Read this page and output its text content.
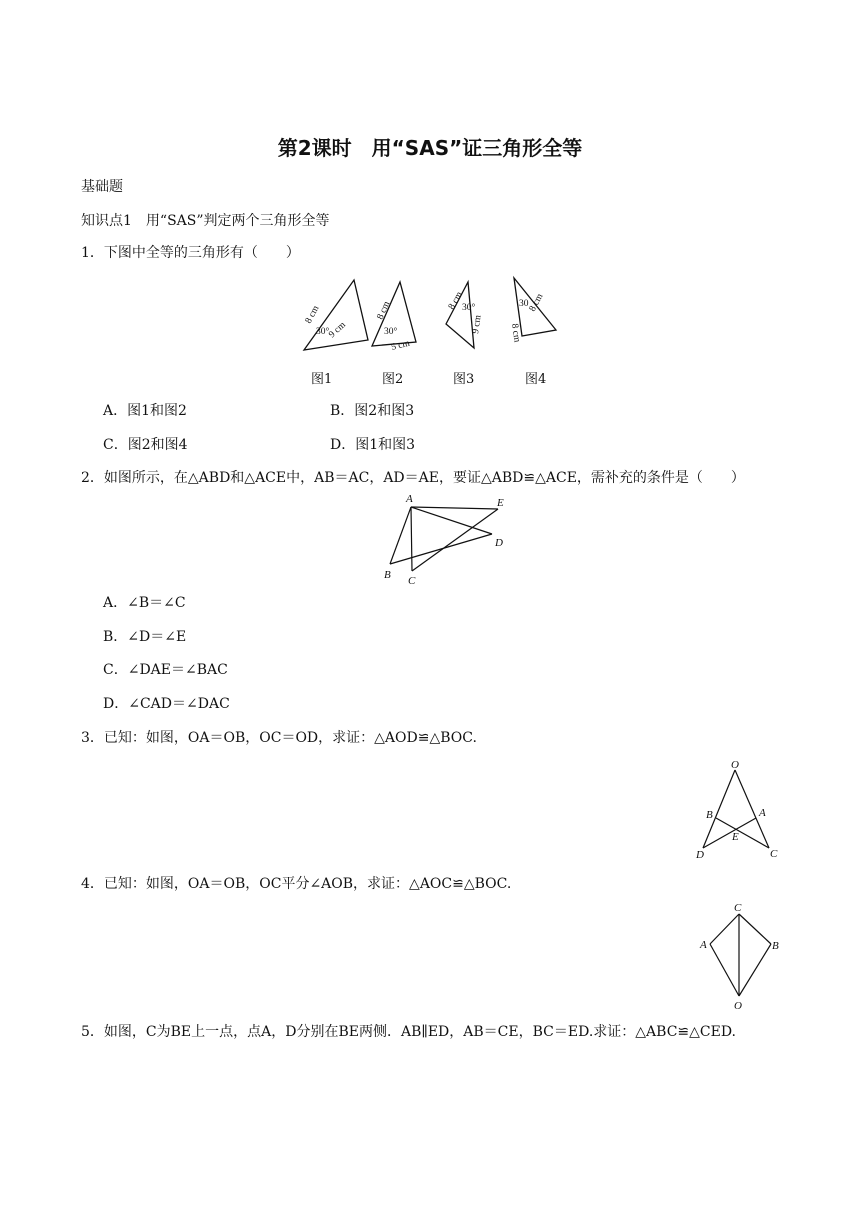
第2课时　用“SAS”证三角形全等
基础题
知识点1　用“SAS”判定两个三角形全等
1．下图中全等的三角形有（　　）
8 cm
30°
9 cm
8 cm
30°
5 cm
8 cm
30°
9 cm	8 cm
30 8 cm
图1	图2	图3	图4
A．图1和图2	B．图2和图3
C．图2和图4	D．图1和图3
2．如图所示，在△ABD和△ACE中，AB＝AC，AD＝AE，要证△ABD≌△ACE，需补充的条件是（　　）
A	E
D
B C
A．∠B＝∠C
B．∠D＝∠E
C．∠DAE＝∠BAC
D．∠CAD＝∠DAC
3．已知：如图，OA＝OB，OC＝OD，求证：△AOD≌△BOC.
O
B	A
E
D	C
4．已知：如图，OA＝OB，OC平分∠AOB，求证：△AOC≌△BOC.
C
A	B
O
5．如图，C为BE上一点，点A，D分别在BE两侧．AB∥ED，AB＝CE，BC＝ED.求证：△ABC≌△CED.
